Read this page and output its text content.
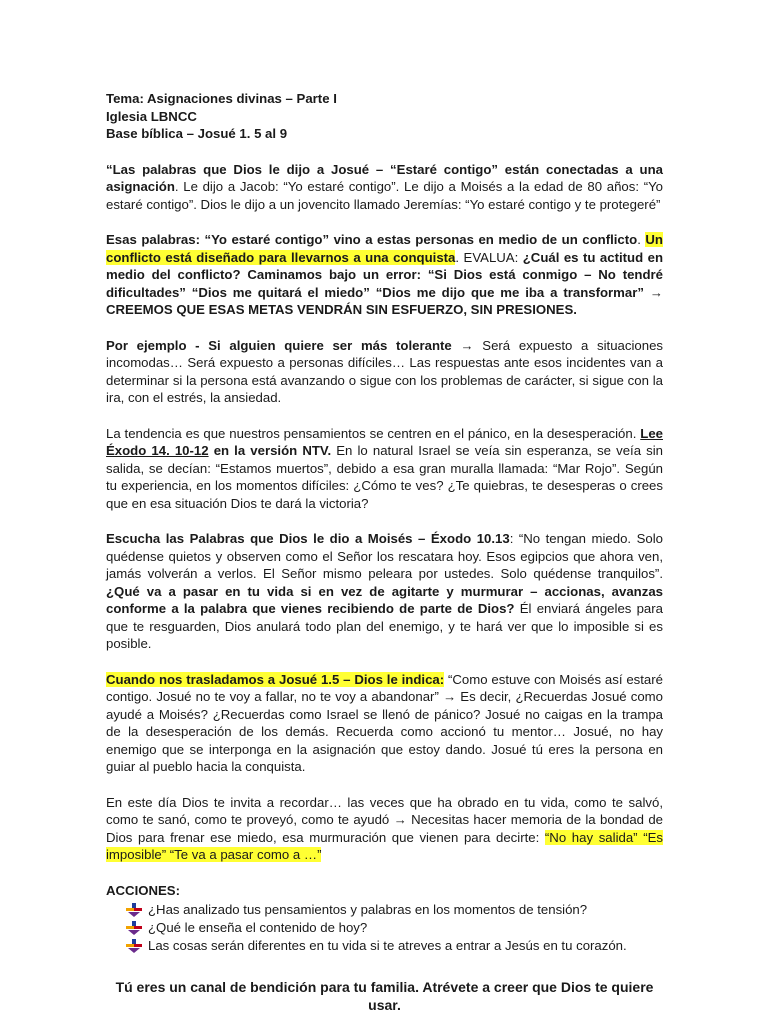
Tema: Asignaciones divinas – Parte I

Iglesia LBNCC

Base bíblica – Josué 1. 5 al 9

“Las palabras que Dios le dijo a Josué – “Estaré contigo” están conectadas a una asignación. Le dijo a Jacob: “Yo estaré contigo”. Le dijo a Moisés a la edad de 80 años: “Yo estaré contigo”. Dios le dijo a un jovencito llamado Jeremías: “Yo estaré contigo y te protegeré”

Esas palabras: “Yo estaré contigo” vino a estas personas en medio de un conflicto. Un conflicto está diseñado para llevarnos a una conquista. EVALUA: ¿Cuál es tu actitud en medio del conflicto? Caminamos bajo un error: “Si Dios está conmigo – No tendré dificultades” “Dios me quitará el miedo” “Dios me dijo que me iba a transformar” → CREEMOS QUE ESAS METAS VENDRÁN SIN ESFUERZO, SIN PRESIONES.

Por ejemplo - Si alguien quiere ser más tolerante → Será expuesto a situaciones incomodas… Será expuesto a personas difíciles… Las respuestas ante esos incidentes van a determinar si la persona está avanzando o sigue con los problemas de carácter, si sigue con la ira, con el estrés, la ansiedad.

La tendencia es que nuestros pensamientos se centren en el pánico, en la desesperación. Lee Éxodo 14. 10-12 en la versión NTV. En lo natural Israel se veía sin esperanza, se veía sin salida, se decían: “Estamos muertos”, debido a esa gran muralla llamada: “Mar Rojo”. Según tu experiencia, en los momentos difíciles: ¿Cómo te ves? ¿Te quiebras, te desesperas o crees que en esa situación Dios te dará la victoria?

Escucha las Palabras que Dios le dio a Moisés – Éxodo 10.13: “No tengan miedo. Solo quédense quietos y observen como el Señor los rescatara hoy. Esos egipcios que ahora ven, jamás volverán a verlos. El Señor mismo peleara por ustedes. Solo quédense tranquilos”. ¿Qué va a pasar en tu vida si en vez de agitarte y murmurar – accionas, avanzas conforme a la palabra que vienes recibiendo de parte de Dios? Él enviará ángeles para que te resguarden, Dios anulará todo plan del enemigo, y te hará ver que lo imposible si es posible.

Cuando nos trasladamos a Josué 1.5 – Dios le indica: “Como estuve con Moisés así estaré contigo. Josué no te voy a fallar, no te voy a abandonar” → Es decir, ¿Recuerdas Josué como ayudé a Moisés? ¿Recuerdas como Israel se llenó de pánico? Josué no caigas en la trampa de la desesperación de los demás. Recuerda como accionó tu mentor… Josué, no hay enemigo que se interponga en la asignación que estoy dando. Josué tú eres la persona en guiar al pueblo hacia la conquista.

En este día Dios te invita a recordar… las veces que ha obrado en tu vida, como te salvó, como te sanó, como te proveyó, como te ayudó → Necesitas hacer memoria de la bondad de Dios para frenar ese miedo, esa murmuración que vienen para decirte: “No hay salida” “Es imposible” “Te va a pasar como a …”

ACCIONES:

¿Has analizado tus pensamientos y palabras en los momentos de tensión?
¿Qué le enseña el contenido de hoy?
Las cosas serán diferentes en tu vida si te atreves a entrar a Jesús en tu corazón.

Tú eres un canal de bendición para tu familia. Atrévete a creer que Dios te quiere usar.
